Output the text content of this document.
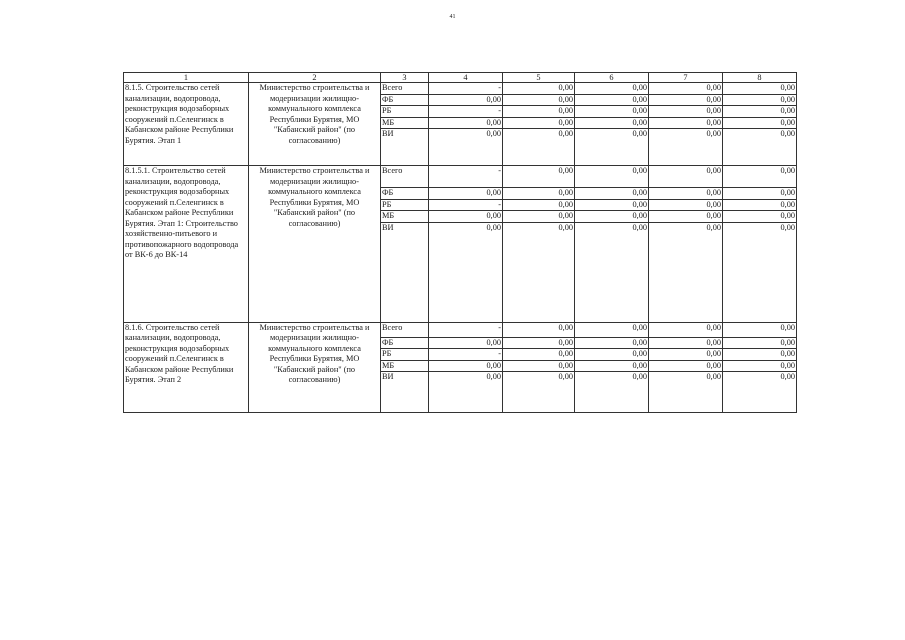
41
1	2	3	4	5	6	7	8
8.1.5. Строительство сетей канализации, водопровода, реконструкция водозаборных сооружений п.Селенгинск в Кабанском районе Республики Бурятия. Этап 1	Министерство строительства и модернизации жилищно-коммунального комплекса Республики Бурятия, МО "Кабанский район" (по согласованию)	Всего	-	0,00	0,00	0,00	0,00
		ФБ	0,00	0,00	0,00	0,00	0,00
		РБ	-	0,00	0,00	0,00	0,00
		МБ	0,00	0,00	0,00	0,00	0,00
		ВИ	0,00	0,00	0,00	0,00	0,00
8.1.5.1. Строительство сетей канализации, водопровода, реконструкция водозаборных сооружений п.Селенгинск в Кабанском районе Республики Бурятия. Этап 1: Строительство хозяйственно-питьевого и противопожарного водопровода от ВК-6 до ВК-14	Министерство строительства и модернизации жилищно-коммунального комплекса Республики Бурятия, МО "Кабанский район" (по согласованию)	Всего	-	0,00	0,00	0,00	0,00
		ФБ	0,00	0,00	0,00	0,00	0,00
		РБ	-	0,00	0,00	0,00	0,00
		МБ	0,00	0,00	0,00	0,00	0,00
		ВИ	0,00	0,00	0,00	0,00	0,00
8.1.6. Строительство сетей канализации, водопровода, реконструкция водозаборных сооружений п.Селенгинск в Кабанском районе Республики Бурятия. Этап 2	Министерство строительства и модернизации жилищно-коммунального комплекса Республики Бурятия, МО "Кабанский район" (по согласованию)	Всего	-	0,00	0,00	0,00	0,00
		ФБ	0,00	0,00	0,00	0,00	0,00
		РБ	-	0,00	0,00	0,00	0,00
		МБ	0,00	0,00	0,00	0,00	0,00
		ВИ	0,00	0,00	0,00	0,00	0,00
